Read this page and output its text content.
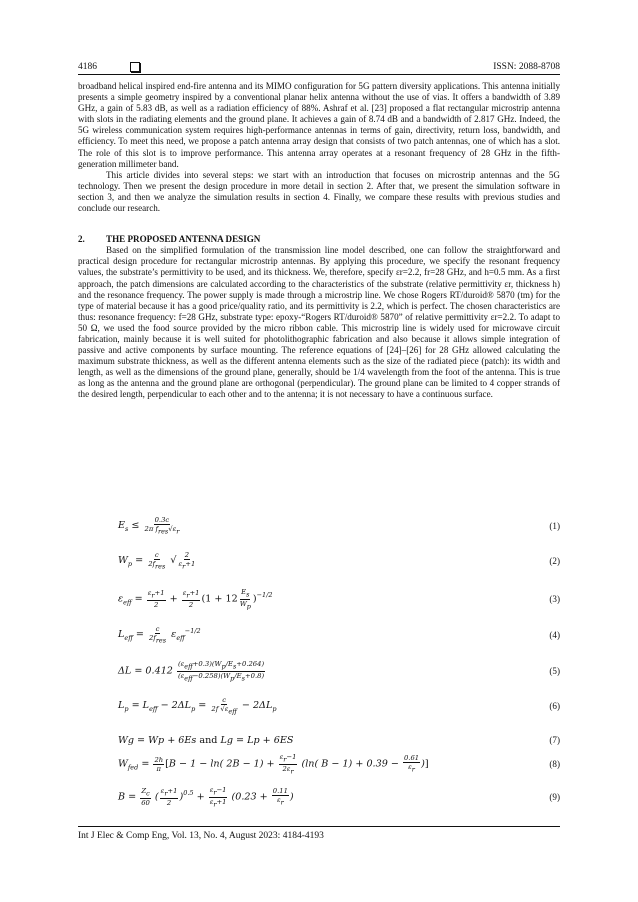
4186	ISSN: 2088-8708

broadband helical inspired end-fire antenna and its MIMO configuration for 5G pattern diversity applications. This antenna initially presents a simple geometry inspired by a conventional planar helix antenna without the use of vias. It offers a bandwidth of 3.89 GHz, a gain of 5.83 dB, as well as a radiation efficiency of 88%. Ashraf et al. [23] proposed a flat rectangular microstrip antenna with slots in the radiating elements and the ground plane. It achieves a gain of 8.74 dB and a bandwidth of 2.817 GHz. Indeed, the 5G wireless communication system requires high-performance antennas in terms of gain, directivity, return loss, bandwidth, and efficiency. To meet this need, we propose a patch antenna array design that consists of two patch antennas, one of which has a slot. The role of this slot is to improve performance. This antenna array operates at a resonant frequency of 28 GHz in the fifth-generation millimeter band.

This article divides into several steps: we start with an introduction that focuses on microstrip antennas and the 5G technology. Then we present the design procedure in more detail in section 2. After that, we present the simulation software in section 3, and then we analyze the simulation results in section 4. Finally, we compare these results with previous studies and conclude our research.

2. THE PROPOSED ANTENNA DESIGN

Based on the simplified formulation of the transmission line model described, one can follow the straightforward and practical design procedure for rectangular microstrip antennas. By applying this procedure, we specify the resonant frequency values, the substrate’s permittivity to be used, and its thickness. We, therefore, specify εr=2.2, fr=28 GHz, and h=0.5 mm. As a first approach, the patch dimensions are calculated according to the characteristics of the substrate (relative permittivity εr, thickness h) and the resonance frequency. The power supply is made through a microstrip line. We chose Rogers RT/duroid® 5870 (tm) for the type of material because it has a good price/quality ratio, and its permittivity is 2.2, which is perfect. The chosen characteristics are thus: resonance frequency: f=28 GHz, substrate type: epoxy-“Rogers RT/duroid® 5870” of relative permittivity εr=2.2. To adapt to 50 Ω, we used the food source provided by the micro ribbon cable. This microstrip line is widely used for microwave circuit fabrication, mainly because it is well suited for photolithographic fabrication and also because it allows simple integration of passive and active components by surface mounting. The reference equations of [24]–[26] for 28 GHz allowed calculating the maximum substrate thickness, as well as the different antenna elements such as the size of the radiated piece (patch): its width and length, as well as the dimensions of the ground plane, generally, should be 1/4 wavelength from the foot of the antenna. This is true as long as the antenna and the ground plane are orthogonal (perpendicular). The ground plane can be limited to 4 copper strands of the desired length, perpendicular to each other and to the antenna; it is not necessary to have a continuous surface.

$E_s \le \frac{0.3c}{2\pi f_{res}√\varepsilon_r}$	(1)
$W_p = \frac{c}{2f_{res}}$ √ $\frac{2}{\varepsilon_r+1}$	(2)
$\varepsilon_{eff} = \frac{\varepsilon_r+1}{2} + \frac{\varepsilon_r+1}{2} (1 + 12 \frac{E_s}{W_p} )^{-1/2}$	(3)
$L_{eff} = \frac{c}{2f_{res}} \varepsilon_{eff}^{-1/2}$	(4)
$\Delta L = 0.412 \frac{(\varepsilon_{eff}+0.3)(W_p/E_s+0.264)}{(\varepsilon_{eff}-0.258)(W_p/E_s+0.8)}$	(5)
$L_p = L_{eff} - 2\Delta L_p = \frac{c}{2f √\varepsilon_{eff}} - 2\Delta L_p$	(6)
Wg = Wp + 6Es and Lg = Lp + 6ES	(7)
$W_{fed} = \frac{2h}{\pi} [B - 1 - \ln$( $2B - 1) + \frac{\varepsilon_r-1}{2\varepsilon_r} (\ln$( $B - 1) + 0.39 - \frac{0.61}{\varepsilon_r}$ )]	(8)
$B = \frac{Z_c}{60}$ ( $\frac{\varepsilon_r+1}{2} )^{0.5} + \frac{\varepsilon_r-1}{\varepsilon_r+1} (0.23 + \frac{0.11}{\varepsilon_r}$ )	(9)
Int J Elec & Comp Eng, Vol. 13, No. 4, August 2023: 4184-4193
